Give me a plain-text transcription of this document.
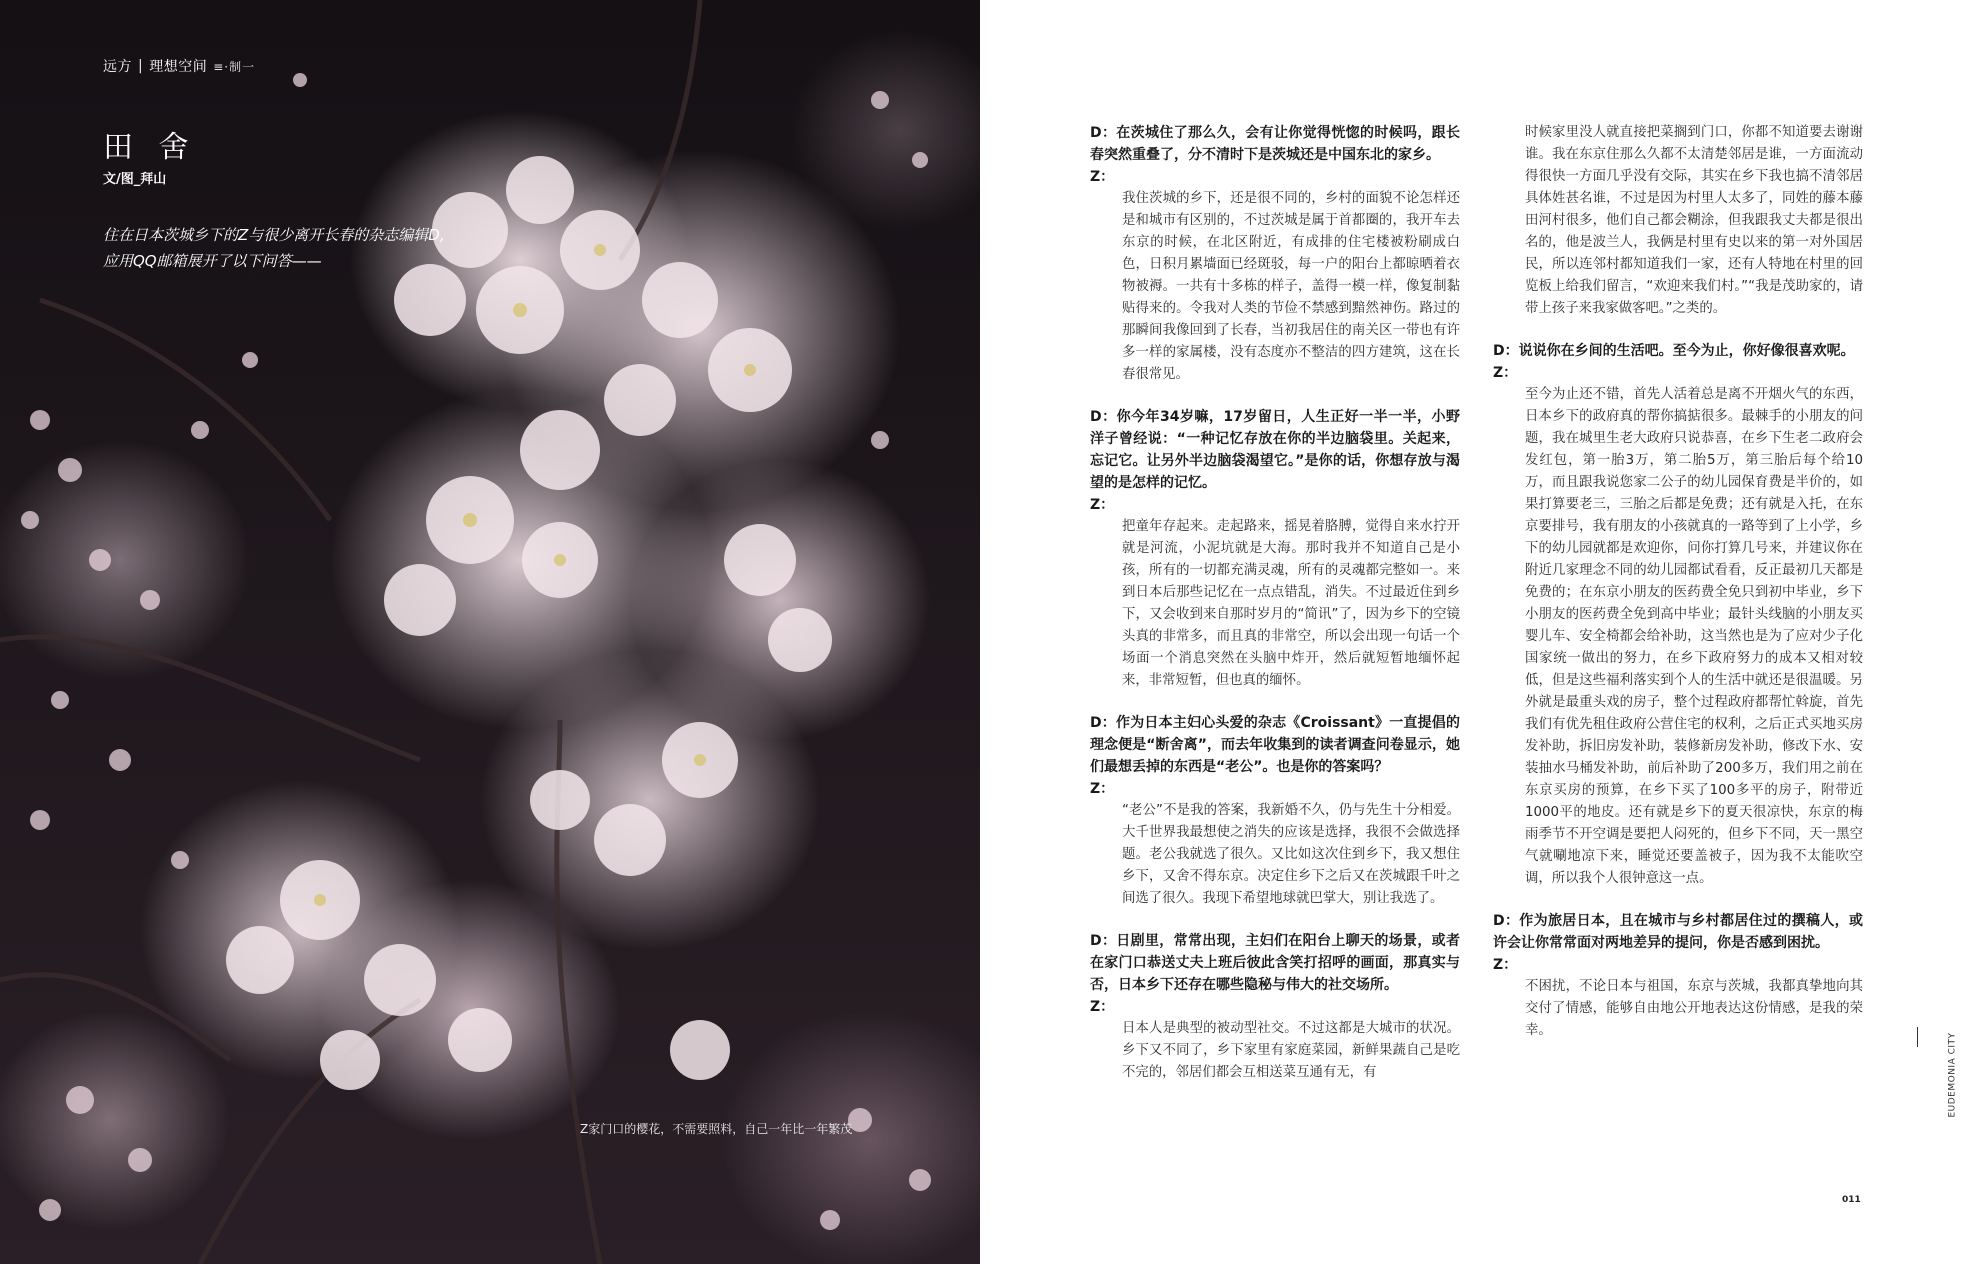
远方 | 理想空间 ≡·制一
田 舍
文/图_拜山
住在日本茨城乡下的Z与很少离开长春的杂志编辑D,
应用QQ邮箱展开了以下问答——
Z家门口的樱花，不需要照料，自己一年比一年繁茂

D：在茨城住了那么久，会有让你觉得恍惚的时候吗，跟长春突然重叠了，分不清时下是茨城还是中国东北的家乡。

Z：

我住茨城的乡下，还是很不同的，乡村的面貌不论怎样还是和城市有区别的，不过茨城是属于首都圈的，我开车去东京的时候，在北区附近，有成排的住宅楼被粉刷成白色，日积月累墙面已经斑驳，每一户的阳台上都晾晒着衣物被褥。一共有十多栋的样子，盖得一模一样，像复制黏贴得来的。令我对人类的节俭不禁感到黯然神伤。路过的那瞬间我像回到了长春，当初我居住的南关区一带也有许多一样的家属楼，没有态度亦不整洁的四方建筑，这在长春很常见。

D：你今年34岁嘛，17岁留日，人生正好一半一半，小野洋子曾经说：“一种记忆存放在你的半边脑袋里。关起来，忘记它。让另外半边脑袋渴望它。”是你的话，你想存放与渴望的是怎样的记忆。

Z：

把童年存起来。走起路来，摇晃着胳膊，觉得自来水拧开就是河流，小泥坑就是大海。那时我并不知道自己是小孩，所有的一切都充满灵魂，所有的灵魂都完整如一。来到日本后那些记忆在一点点错乱，消失。不过最近住到乡下，又会收到来自那时岁月的“简讯”了，因为乡下的空镜头真的非常多，而且真的非常空，所以会出现一句话一个场面一个消息突然在头脑中炸开，然后就短暂地缅怀起来，非常短暂，但也真的缅怀。

D：作为日本主妇心头爱的杂志《Croissant》一直提倡的理念便是“断舍离”，而去年收集到的读者调查问卷显示，她们最想丢掉的东西是“老公”。也是你的答案吗？

Z：

“老公”不是我的答案，我新婚不久，仍与先生十分相爱。大千世界我最想使之消失的应该是选择，我很不会做选择题。老公我就选了很久。又比如这次住到乡下，我又想住乡下，又舍不得东京。决定住乡下之后又在茨城跟千叶之间选了很久。我现下希望地球就巴掌大，别让我选了。

D：日剧里，常常出现，主妇们在阳台上聊天的场景，或者在家门口恭送丈夫上班后彼此含笑打招呼的画面，那真实与否，日本乡下还存在哪些隐秘与伟大的社交场所。

Z：

日本人是典型的被动型社交。不过这都是大城市的状况。乡下又不同了，乡下家里有家庭菜园，新鲜果蔬自己是吃不完的，邻居们都会互相送菜互通有无，有

时候家里没人就直接把菜搁到门口，你都不知道要去谢谢谁。我在东京住那么久都不太清楚邻居是谁，一方面流动得很快一方面几乎没有交际，其实在乡下我也搞不清邻居具体姓甚名谁，不过是因为村里人太多了，同姓的藤本藤田河村很多，他们自己都会糊涂，但我跟我丈夫都是很出名的，他是波兰人，我俩是村里有史以来的第一对外国居民，所以连邻村都知道我们一家，还有人特地在村里的回览板上给我们留言，“欢迎来我们村。”“我是茂助家的，请带上孩子来我家做客吧。”之类的。

D：说说你在乡间的生活吧。至今为止，你好像很喜欢呢。

Z：

至今为止还不错，首先人活着总是离不开烟火气的东西，日本乡下的政府真的帮你搞掂很多。最棘手的小朋友的问题，我在城里生老大政府只说恭喜，在乡下生老二政府会发红包，第一胎3万，第二胎5万，第三胎后每个给10万，而且跟我说您家二公子的幼儿园保育费是半价的，如果打算要老三，三胎之后都是免费；还有就是入托，在东京要排号，我有朋友的小孩就真的一路等到了上小学，乡下的幼儿园就都是欢迎你，问你打算几号来，并建议你在附近几家理念不同的幼儿园都试看看，反正最初几天都是免费的；在东京小朋友的医药费全免只到初中毕业，乡下小朋友的医药费全免到高中毕业；最针头线脑的小朋友买婴儿车、安全椅都会给补助，这当然也是为了应对少子化国家统一做出的努力，在乡下政府努力的成本又相对较低，但是这些福利落实到个人的生活中就还是很温暖。另外就是最重头戏的房子，整个过程政府都帮忙斡旋，首先我们有优先租住政府公营住宅的权利，之后正式买地买房发补助，拆旧房发补助，装修新房发补助，修改下水、安装抽水马桶发补助，前后补助了200多万，我们用之前在东京买房的预算，在乡下买了100多平的房子，附带近1000平的地皮。还有就是乡下的夏天很凉快，东京的梅雨季节不开空调是要把人闷死的，但乡下不同，天一黑空气就唰地凉下来，睡觉还要盖被子，因为我不太能吹空调，所以我个人很钟意这一点。

D：作为旅居日本，且在城市与乡村都居住过的撰稿人，或许会让你常常面对两地差异的提问，你是否感到困扰。

Z：

不困扰，不论日本与祖国，东京与茨城，我都真挚地向其交付了情感，能够自由地公开地表达这份情感，是我的荣幸。

EUDEMONIA CITY
011
